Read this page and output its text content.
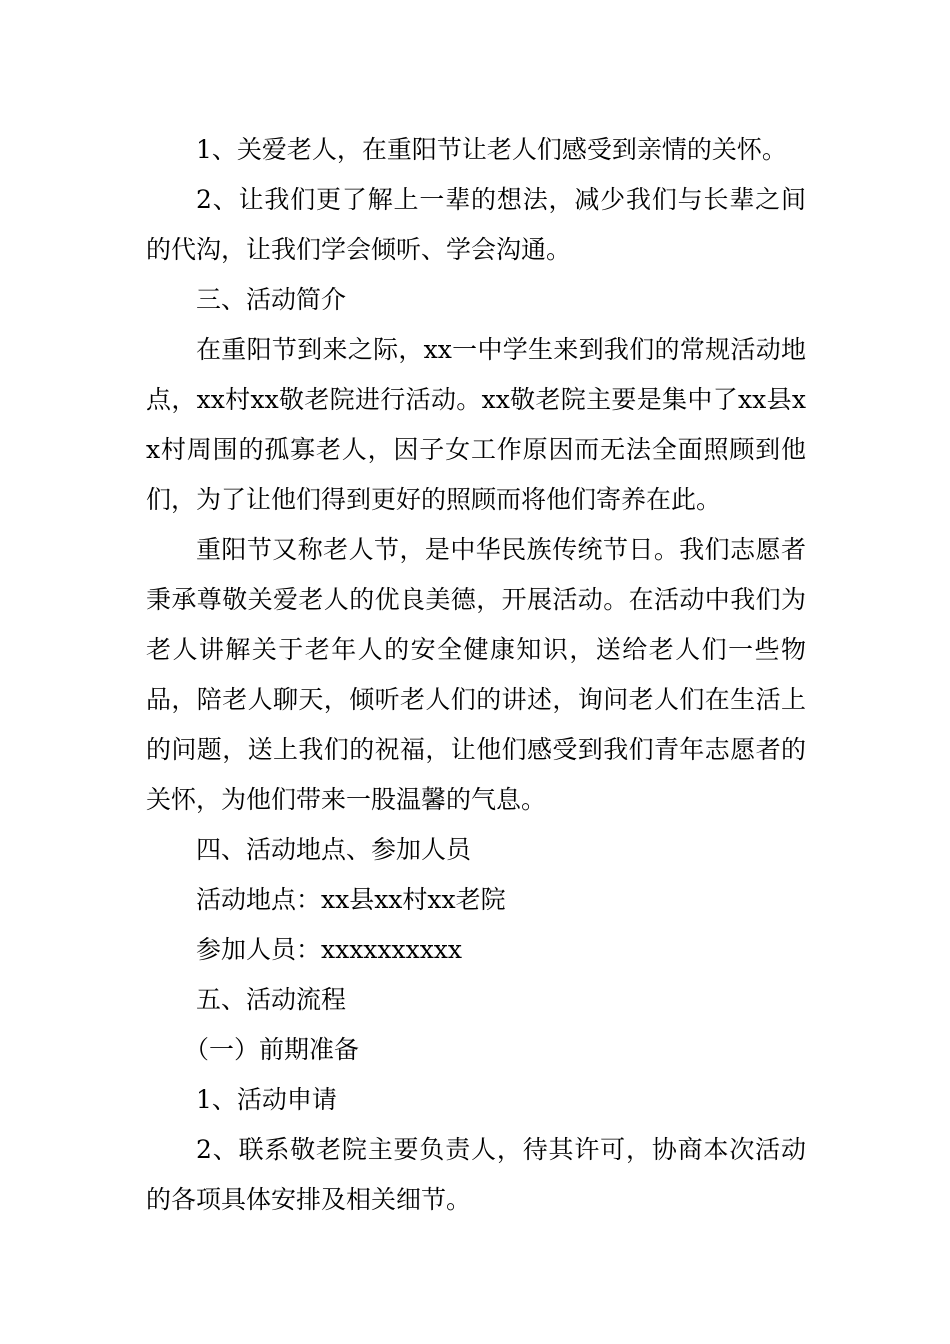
1、关爱老人，在重阳节让老人们感受到亲情的关怀。

2、让我们更了解上一辈的想法，减少我们与长辈之间的代沟，让我们学会倾听、学会沟通。

三、活动简介

在重阳节到来之际，xx一中学生来到我们的常规活动地点，xx村xx敬老院进行活动。xx敬老院主要是集中了xx县xx村周围的孤寡老人，因子女工作原因而无法全面照顾到他们，为了让他们得到更好的照顾而将他们寄养在此。

重阳节又称老人节，是中华民族传统节日。我们志愿者秉承尊敬关爱老人的优良美德，开展活动。在活动中我们为老人讲解关于老年人的安全健康知识，送给老人们一些物品，陪老人聊天，倾听老人们的讲述，询问老人们在生活上的问题，送上我们的祝福，让他们感受到我们青年志愿者的关怀，为他们带来一股温馨的气息。

四、活动地点、参加人员

活动地点：xx县xx村xx老院

参加人员：xxxxxxxxxx

五、活动流程

（一）前期准备

1、活动申请

2、联系敬老院主要负责人，待其许可，协商本次活动的各项具体安排及相关细节。
